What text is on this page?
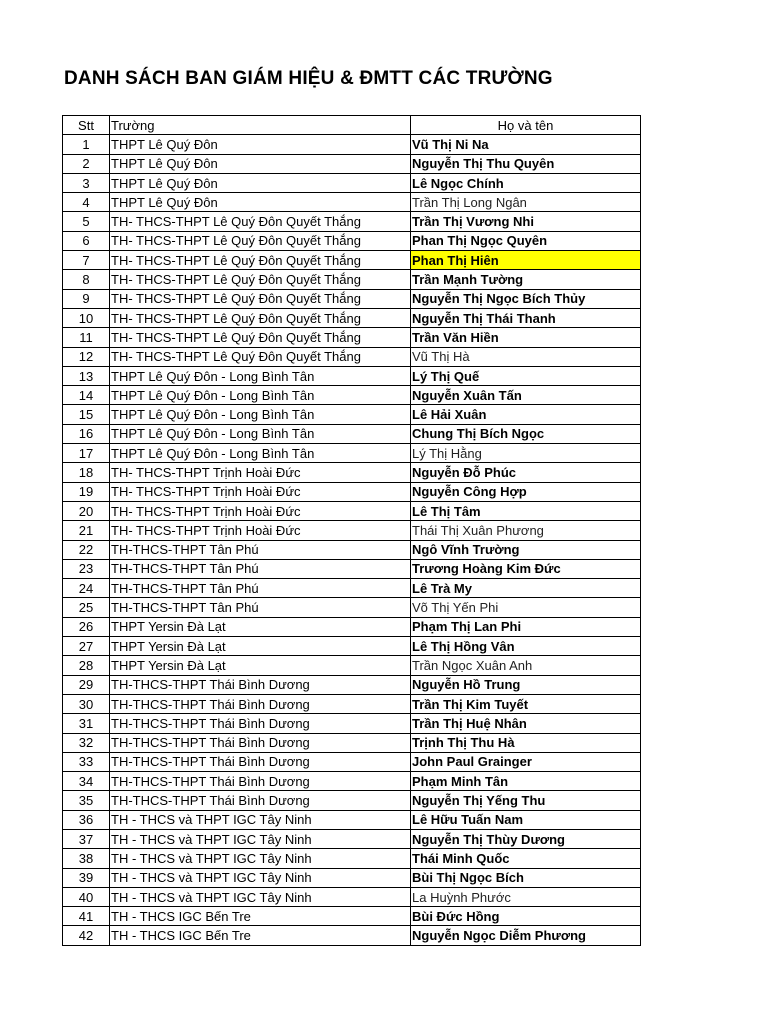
DANH SÁCH BAN GIÁM HIỆU & ĐMTT CÁC TRƯỜNG
Stt	Trường	Họ và tên
1	THPT Lê Quý Đôn	Vũ Thị Ni Na
2	THPT Lê Quý Đôn	Nguyễn Thị Thu Quyên
3	THPT Lê Quý Đôn	Lê Ngọc Chính
4	THPT Lê Quý Đôn	Trần Thị Long Ngân
5	TH- THCS-THPT Lê Quý Đôn Quyết Thắng	Trần Thị Vương Nhi
6	TH- THCS-THPT Lê Quý Đôn Quyết Thắng	Phan Thị Ngọc Quyên
7	TH- THCS-THPT Lê Quý Đôn Quyết Thắng	Phan Thị Hiên
8	TH- THCS-THPT Lê Quý Đôn Quyết Thắng	Trần Mạnh Tường
9	TH- THCS-THPT Lê Quý Đôn Quyết Thắng	Nguyễn Thị Ngọc Bích Thủy
10	TH- THCS-THPT Lê Quý Đôn Quyết Thắng	Nguyễn Thị Thái Thanh
11	TH- THCS-THPT Lê Quý Đôn Quyết Thắng	Trần Văn Hiền
12	TH- THCS-THPT Lê Quý Đôn Quyết Thắng	Vũ Thị Hà
13	THPT Lê Quý Đôn - Long Bình Tân	Lý Thị Quế
14	THPT Lê Quý Đôn - Long Bình Tân	Nguyễn Xuân Tấn
15	THPT Lê Quý Đôn - Long Bình Tân	Lê Hải Xuân
16	THPT Lê Quý Đôn - Long Bình Tân	Chung Thị Bích Ngọc
17	THPT Lê Quý Đôn - Long Bình Tân	Lý Thị Hằng
18	TH- THCS-THPT Trịnh Hoài Đức	Nguyễn Đỗ Phúc
19	TH- THCS-THPT Trịnh Hoài Đức	Nguyễn Công Hợp
20	TH- THCS-THPT Trịnh Hoài Đức	Lê Thị Tâm
21	TH- THCS-THPT Trịnh Hoài Đức	Thái Thị Xuân Phương
22	TH-THCS-THPT Tân Phú	Ngô Vĩnh Trường
23	TH-THCS-THPT Tân Phú	Trương Hoàng Kim Đức
24	TH-THCS-THPT Tân Phú	Lê Trà My
25	TH-THCS-THPT Tân Phú	Võ Thị Yến Phi
26	THPT Yersin Đà Lạt	Phạm Thị Lan Phi
27	THPT Yersin Đà Lạt	Lê Thị Hồng Vân
28	THPT Yersin Đà Lạt	Trần Ngọc Xuân Anh
29	TH-THCS-THPT Thái Bình Dương	Nguyễn Hồ Trung
30	TH-THCS-THPT Thái Bình Dương	Trần Thị Kim Tuyết
31	TH-THCS-THPT Thái Bình Dương	Trần Thị Huệ Nhân
32	TH-THCS-THPT Thái Bình Dương	Trịnh Thị Thu Hà
33	TH-THCS-THPT Thái Bình Dương	John Paul Grainger
34	TH-THCS-THPT Thái Bình Dương	Phạm Minh Tân
35	TH-THCS-THPT Thái Bình Dương	Nguyễn Thị Yếng Thu
36	TH - THCS và THPT IGC Tây Ninh	Lê Hữu Tuấn Nam
37	TH - THCS và THPT IGC Tây Ninh	Nguyễn Thị Thùy Dương
38	TH - THCS và THPT IGC Tây Ninh	Thái Minh Quốc
39	TH - THCS và THPT IGC Tây Ninh	Bùi Thị Ngọc Bích
40	TH - THCS và THPT IGC Tây Ninh	La Huỳnh Phước
41	TH - THCS IGC Bến Tre	Bùi Đức Hồng
42	TH - THCS IGC Bến Tre	Nguyễn Ngọc Diễm Phương
